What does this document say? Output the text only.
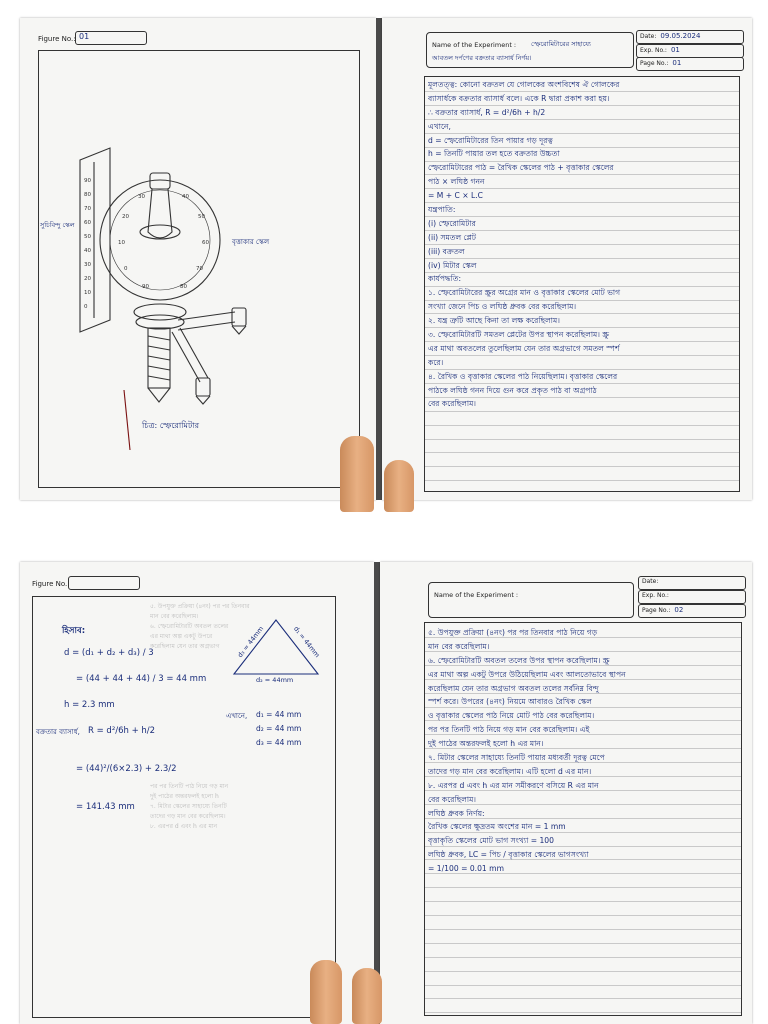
Figure No.: 01
90
80
70
60
50
40
30
20
10
0
10
20
30	40
50
60
70
80
90
0
সুচিবিন্দু স্কেল
বৃত্তাকার স্কেল
চিত্র: স্ফেরোমিটার
Name of the Experiment : স্ফেরোমিটারের সাহায্যে
আবতল দর্পণের বক্রতার ব্যাসার্ধ নির্ণয়।
Date: 09.05.2024
Exp. No.: 01
Page No.: 01
মূলতত্ত্ব: কোনো বক্রতল যে গোলকের অংশবিশেষ ঐ গোলকের
ব্যাসার্ধকে বক্রতার ব্যাসার্ধ বলে। একে R দ্বারা প্রকাশ করা হয়।
∴ বক্রতার ব্যাসার্ধ, R = d²/6h + h/2
এখানে,
d = স্ফেরোমিটারের তিন পায়ার গড় দূরত্ব
h = তিনটি পায়ার তল হতে বক্রতার উচ্চতা
স্ফেরোমিটারের পাঠ = রৈখিক স্কেলের পাঠ + বৃত্তাকার স্কেলের
পাঠ × লঘিষ্ঠ গনন
= M + C × L.C
যন্ত্রপাতি:
(i) স্ফেরোমিটার
(ii) সমতল প্লেট
(iii) বক্রতল
(iv) মিটার স্কেল
কার্যপদ্ধতি:
১. স্ফেরোমিটারের স্ক্রুর অগ্রের মান ও বৃত্তাকার স্কেলের মোট ভাগ
সংখ্যা জেনে পিচ ও লঘিষ্ঠ ধ্রুবক বের করেছিলাম।
২. যন্ত্র ত্রুটি আছে কিনা তা লক্ষ করেছিলাম।
৩. স্ফেরোমিটারটি সমতল প্লেটের উপর স্থাপন করেছিলাম। স্ক্রু
এর মাথা অবতলের তুলেছিলাম যেন তার অগ্রভাগে সমতল স্পর্শ
করে।
৪. রৈখিক ও বৃত্তাকার স্কেলের পাঠ নিয়েছিলাম। বৃত্তাকার স্কেলের
পাঠকে লঘিষ্ঠ গনন দিয়ে গুন করে প্রকৃত পাঠ বা অগ্রপাঠ
বের করেছিলাম।
Figure No.:
৫. উপযুক্ত প্রক্রিয়া (৪নং) পর পর তিনবার
মান বের করেছিলাম।
৬. স্ফেরোমিটারটি অবতল তলের
এর মাথা অল্প একটু উপরে
করেছিলাম যেন তার অগ্রভাগ

পর পর তিনটি পাঠ নিয়ে গড় মান
দুই পাঠের অন্তরফলই হলো h
৭. মিটার স্কেলের সাহায্যে তিনটি
তাদের গড় মান বের করেছিলাম।
৮. এরপর d এবং h এর মান
হিসাব:
d = (d₁ + d₂ + d₃) / 3
= (44 + 44 + 44) / 3 = 44 mm
h = 2.3 mm
বক্রতার ব্যাসার্ধ, R = d²/6h + h/2
= (44)²/(6×2.3) + 2.3/2
= 141.43 mm
d₃ = 44mm	d₁ = 44mm
d₂ = 44mm
এখানে, d₁ = 44 mm
d₂ = 44 mm
d₃ = 44 mm
Name of the Experiment :
Date:
Exp. No.:
Page No.: 02
৫. উপযুক্ত প্রক্রিয়া (৪নং) পর পর তিনবার পাঠ নিয়ে গড়
মান বের করেছিলাম।
৬. স্ফেরোমিটারটি অবতল তলের উপর স্থাপন করেছিলাম। স্ক্রু
এর মাথা অল্প একটু উপরে উঠিয়েছিলাম এবং আলতোভাবে স্থাপন
করেছিলাম যেন তার অগ্রভাগ অবতল তলের সর্বনিম্ন বিন্দু
স্পর্শ করে। উপরের (৪নং) নিয়মে আবারও রৈখিক স্কেল
ও বৃত্তাকার স্কেলের পাঠ নিয়ে মোট পাঠ বের করেছিলাম।
পর পর তিনটি পাঠ নিয়ে গড় মান বের করেছিলাম। এই
দুই পাঠের অন্তরফলই হলো h এর মান।
৭. মিটার স্কেলের সাহায্যে তিনটি পায়ার মধ্যবর্তী দূরত্ব মেপে
তাদের গড় মান বের করেছিলাম। এটি হলো d এর মান।
৮. এরপর d এবং h এর মান সমীকরণে বসিয়ে R এর মান
বের করেছিলাম।
লঘিষ্ঠ ধ্রুবক নির্ণয়:
রৈখিক স্কেলের ক্ষুদ্রতম অংশের মান = 1 mm
বৃত্তাকৃতি স্কেলের মোট ভাগ সংখ্যা = 100
লঘিষ্ঠ ধ্রুবক, LC = পিচ / বৃত্তাকার স্কেলের ভাগসংখ্যা
= 1/100 = 0.01 mm
